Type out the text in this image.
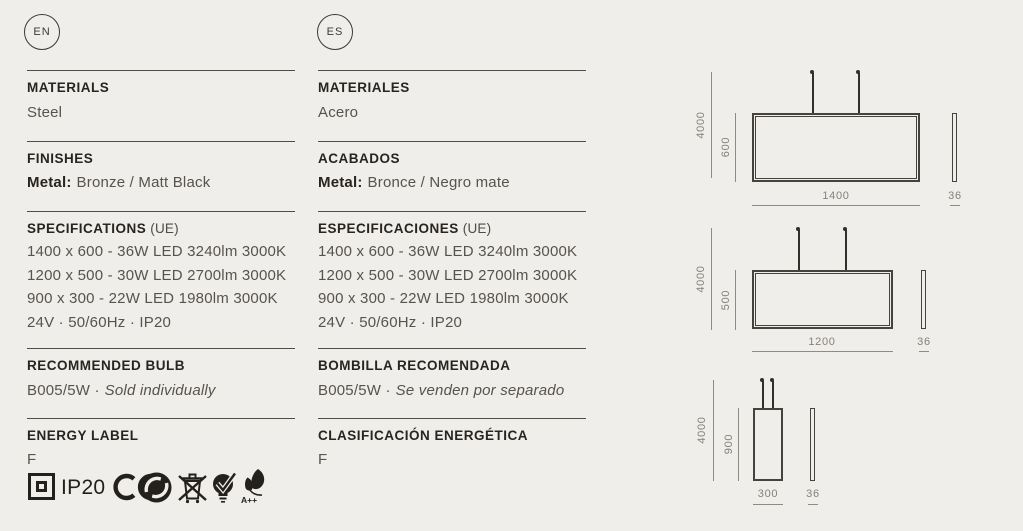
EN
MATERIALS
Steel
FINISHES
Metal: Bronze / Matt Black
SPECIFICATIONS (UE)
1400 x 600 - 36W LED 3240lm 3000K
1200 x 500 - 30W LED 2700lm 3000K
900 x 300 - 22W LED 1980lm 3000K
24V · 50/60Hz · IP20
RECOMMENDED BULB
B005/5W · Sold individually
ENERGY LABEL
F
IP20
A++
ES
MATERIALES
Acero
ACABADOS
Metal: Bronce / Negro mate
ESPECIFICACIONES (UE)
1400 x 600 - 36W LED 3240lm 3000K
1200 x 500 - 30W LED 2700lm 3000K
900 x 300 - 22W LED 1980lm 3000K
24V · 50/60Hz · IP20
BOMBILLA RECOMENDADA
B005/5W · Se venden por separado
CLASIFICACIÓN ENERGÉTICA
F
4000
600
1400	36
4000
500
1200	36
4000
900
300	36
